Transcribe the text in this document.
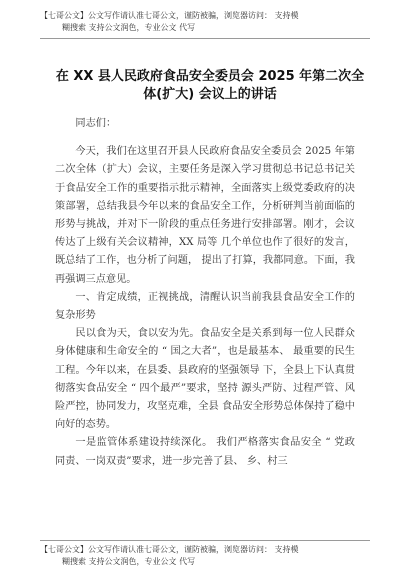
【七哥公文】公文写作请认准七哥公文，谨防被骗，浏览器访问： 支持模
糊搜索 支持公文润色，专业公文 代写
在 XX 县人民政府食品安全委员会 2025 年第二次全体(扩大) 会议上的讲话

同志们：

今天，我们在这里召开县人民政府食品安全委员会 2025 年第二次全体（扩大）会议，主要任务是深入学习贯彻总书记总书记关于食品安全工作的重要指示批示精神，全面落实上级党委政府的决策部署，总结我县今年以来的食品安全工作，分析研判当前面临的形势与挑战，并对下一阶段的重点任务进行安排部署。刚才，会议传达了上级有关会议精神，XX 局等 几个单位也作了很好的发言，既总结了工作，也分析了问题， 提出了打算，我都同意。下面，我再强调三点意见。

一、肯定成绩，正视挑战，清醒认识当前我县食品安全工作的复杂形势

民以食为天，食以安为先。食品安全是关系到每一位人民群众身体健康和生命安全的 “ 国之大者”，也是最基本、 最重要的民生工程。今年以来，在县委、县政府的坚强领导 下，全县上下认真贯彻落实食品安全 “ 四个最严”要求，坚持 源头严防、过程严管、风险严控，协同发力，攻坚克难，全县 食品安全形势总体保持了稳中向好的态势。

一是监管体系建设持续深化。 我们严格落实食品安全 “ 党政同责、一岗双责”要求，进一步完善了县、 乡、村三

【七哥公文】公文写作请认准七哥公文，谨防被骗，浏览器访问： 支持模
糊搜索 支持公文润色，专业公文 代写
